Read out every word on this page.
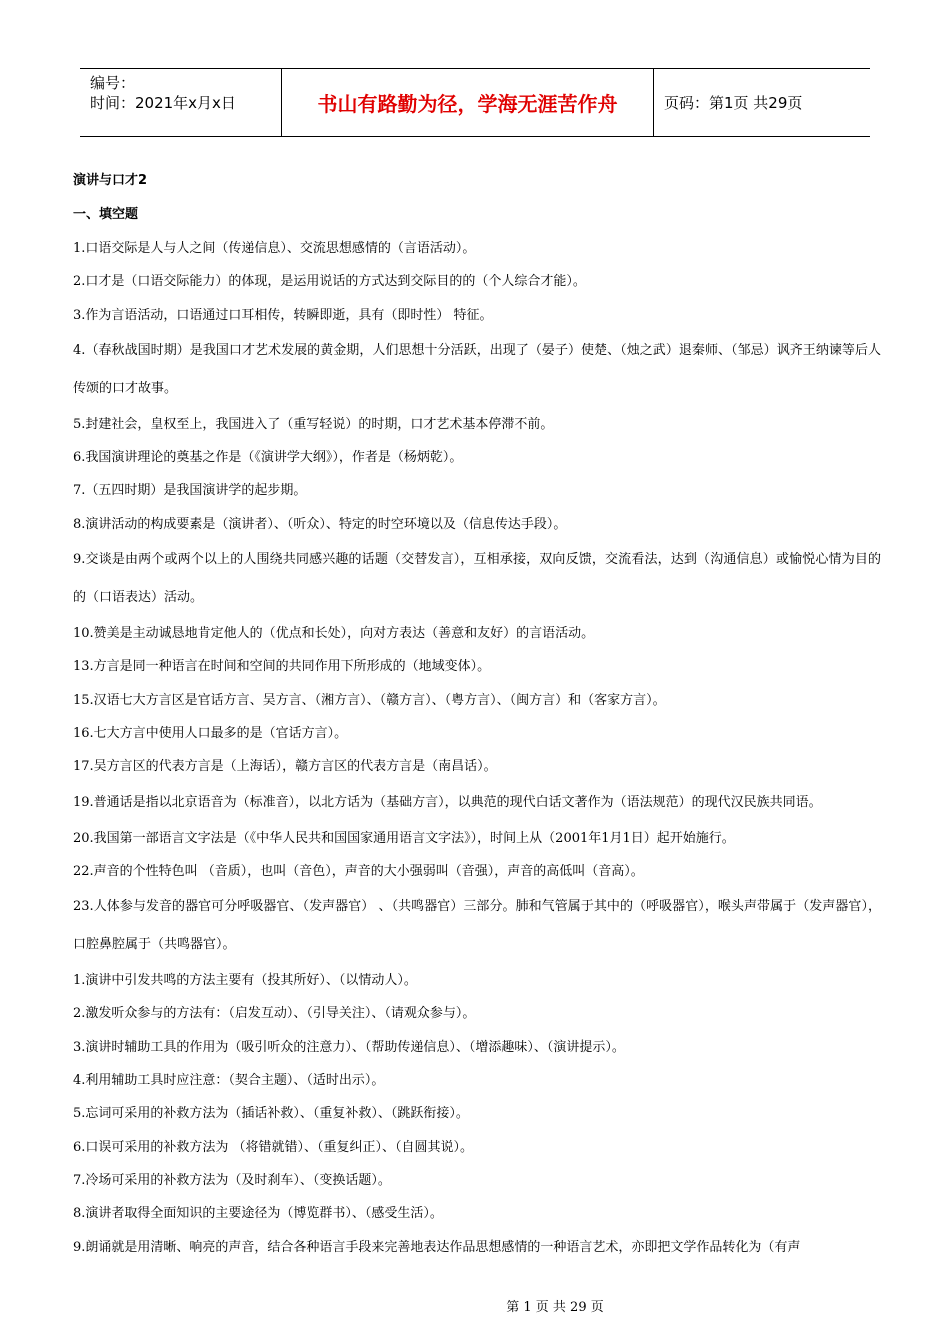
编号：
时间：2021年x月x日	书山有路勤为径，学海无涯苦作舟	页码：第1页 共29页
演讲与口才2
一、填空题
1.口语交际是人与人之间（传递信息）、交流思想感情的（言语活动）。
2.口才是（口语交际能力）的体现，是运用说话的方式达到交际目的的（个人综合才能）。
3.作为言语活动，口语通过口耳相传，转瞬即逝，具有（即时性） 特征。
4.（春秋战国时期）是我国口才艺术发展的黄金期，人们思想十分活跃，出现了（晏子）使楚、（烛之武）退秦师、（邹忌）讽齐王纳谏等后人传颂的口才故事。
5.封建社会，皇权至上，我国进入了（重写轻说）的时期，口才艺术基本停滞不前。
6.我国演讲理论的奠基之作是（《演讲学大纲》），作者是（杨炳乾）。
7.（五四时期）是我国演讲学的起步期。
8.演讲活动的构成要素是（演讲者）、（听众）、特定的时空环境以及（信息传达手段）。
9.交谈是由两个或两个以上的人围绕共同感兴趣的话题（交替发言），互相承接，双向反馈，交流看法，达到（沟通信息）或愉悦心情为目的的（口语表达）活动。
10.赞美是主动诚恳地肯定他人的（优点和长处），向对方表达（善意和友好）的言语活动。
13.方言是同一种语言在时间和空间的共同作用下所形成的（地域变体）。
15.汉语七大方言区是官话方言、吴方言、（湘方言）、（赣方言）、（粤方言）、（闽方言）和（客家方言）。
16.七大方言中使用人口最多的是（官话方言）。
17.吴方言区的代表方言是（上海话），赣方言区的代表方言是（南昌话）。
19.普通话是指以北京语音为（标准音），以北方话为（基础方言），以典范的现代白话文著作为（语法规范）的现代汉民族共同语。
20.我国第一部语言文字法是（《中华人民共和国国家通用语言文字法》），时间上从（2001年1月1日）起开始施行。
22.声音的个性特色叫 （音质），也叫（音色），声音的大小强弱叫（音强），声音的高低叫（音高）。
23.人体参与发音的器官可分呼吸器官、（发声器官） 、（共鸣器官）三部分。肺和气管属于其中的（呼吸器官），喉头声带属于（发声器官），口腔鼻腔属于（共鸣器官）。
1.演讲中引发共鸣的方法主要有（投其所好）、（以情动人）。
2.激发听众参与的方法有：（启发互动）、（引导关注）、（请观众参与）。
3.演讲时辅助工具的作用为（吸引听众的注意力）、（帮助传递信息）、（增添趣味）、（演讲提示）。
4.利用辅助工具时应注意：（契合主题）、（适时出示）。
5.忘词可采用的补救方法为（插话补救）、（重复补救）、（跳跃衔接）。
6.口误可采用的补救方法为 （将错就错）、（重复纠正）、（自圆其说）。
7.冷场可采用的补救方法为（及时刹车）、（变换话题）。
8.演讲者取得全面知识的主要途径为（博览群书）、（感受生活）。
9.朗诵就是用清晰、响亮的声音，结合各种语言手段来完善地表达作品思想感情的一种语言艺术，亦即把文学作品转化为（有声
第 1 页 共 29 页
